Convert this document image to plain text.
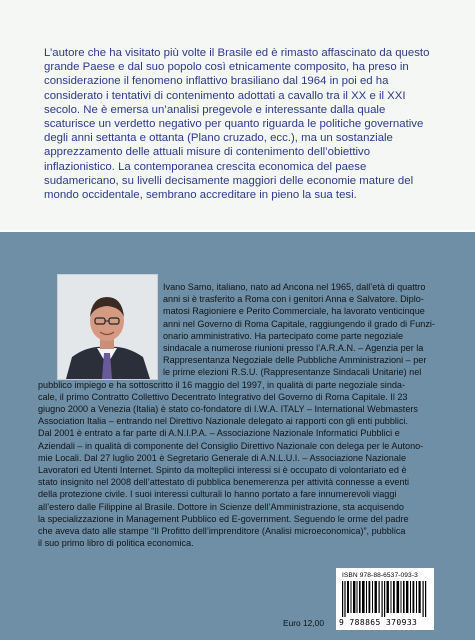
L’autore che ha visitato più volte il Brasile ed è rimasto affascinato da questo grande Paese e dal suo popolo così etnicamente composito, ha preso in considerazione il fenomeno inflattivo brasiliano dal 1964 in poi ed ha considerato i tentativi di contenimento adottati a cavallo tra il XX e il XXI secolo. Ne è emersa un’analisi pregevole e interessante dalla quale scaturisce un verdetto negativo per quanto riguarda le politiche governative degli anni settanta e ottanta (Plano cruzado, ecc.), ma un sostanziale apprezzamento delle attuali misure di contenimento dell’obiettivo inflazionistico. La contemporanea crescita economica del paese sudamericano, su livelli decisamente maggiori delle economie mature del mondo occidentale, sembrano accreditare in pieno la sua tesi.

Ivano Samo, italiano, nato ad Ancona nel 1965, dall’età di quattro
anni si è trasferito a Roma con i genitori Anna e Salvatore. Diplo-
matosi Ragioniere e Perito Commerciale, ha lavorato venticinque
anni nel Governo di Roma Capitale, raggiungendo il grado di Funzi-
onario amministrativo. Ha partecipato come parte negoziale
sindacale a numerose riunioni presso l’A.R.A.N. – Agenzia per la
Rappresentanza Negoziale delle Pubbliche Amministrazioni – per
le prime elezioni R.S.U. (Rappresentanze Sindacali Unitarie) nel
pubblico impiego e ha sottoscritto il 16 maggio del 1997, in qualità di parte negoziale sinda-
cale, il primo Contratto Collettivo Decentrato Integrativo del Governo di Roma Capitale. Il 23
giugno 2000 a Venezia (Italia) è stato co-fondatore di I.W.A. ITALY – International Webmasters
Association Italia – entrando nel Direttivo Nazionale delegato ai rapporti con gli enti pubblici.
Dal 2001 è entrato a far parte di A.N.I.P.A. – Associazione Nazionale Informatici Pubblici e
Aziendali – in qualità di componente del Consiglio Direttivo Nazionale con delega per le Autono-
mie Locali. Dal 27 luglio 2001 è Segretario Generale di A.N.L.U.I. – Associazione Nazionale
Lavoratori ed Utenti Internet. Spinto da molteplici interessi si è occupato di volontariato ed è
stato insignito nel 2008 dell’attestato di pubblica benemerenza per attività connesse a eventi
della protezione civile. I suoi interessi culturali lo hanno portato a fare innumerevoli viaggi
all’estero dalle Filippine al Brasile. Dottore in Scienze dell’Amministrazione, sta acquisendo
la specializzazione in Management Pubblico ed E-government. Seguendo le orme del padre
che aveva dato alle stampe “Il Profitto dell’imprenditore (Analisi microeconomica)”, pubblica
il suo primo libro di politica economica.
ISBN 978-88-6537-093-3
9 788865 370933
Euro 12,00
